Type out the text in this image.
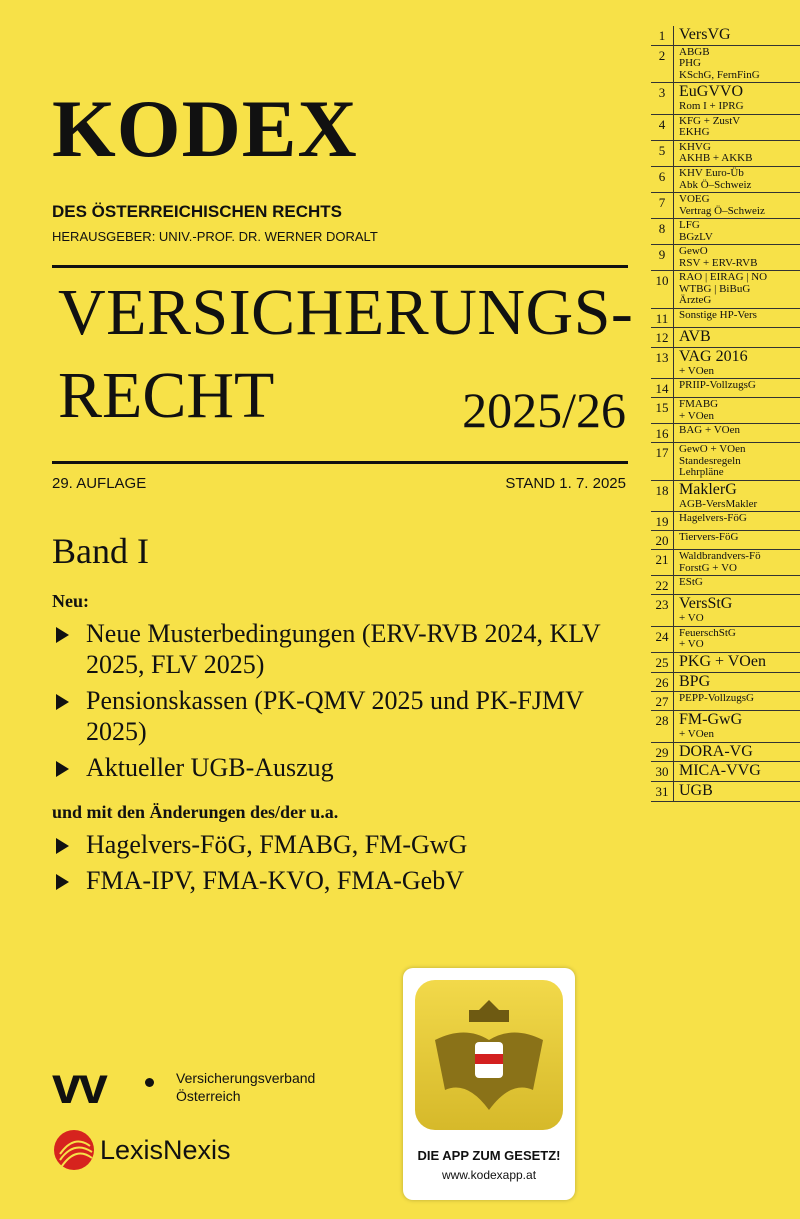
KODEX
DES ÖSTERREICHISCHEN RECHTS
HERAUSGEBER: UNIV.-PROF. DR. WERNER DORALT
VERSICHERUNGS-
RECHT	2025/26
29. AUFLAGE	STAND 1. 7. 2025
Band I
Neu:
Neue Musterbedingungen (ERV-RVB 2024, KLV 2025, FLV 2025)
Pensionskassen (PK-QMV 2025 und PK-FJMV 2025)
Aktueller UGB-Auszug
und mit den Änderungen des/der u.a.
Hagelvers-FöG, FMABG, FM-GwG
FMA-IPV, FMA-KVO, FMA-GebV
1 VersVG
2	ABGB
PHG
KSchG, FernFinG
3 EuGVVO
Rom I + IPRG
4	KFG + ZustV
EKHG
5	KHVG
AKHB + AKKB
6	KHV Euro-Üb
Abk Ö–Schweiz
7	VOEG
Vertrag Ö–Schweiz
8	LFG
BGzLV
9	GewO
RSV + ERV-RVB
10 RAO | EIRAG | NO
WTBG | BiBuG
ÄrzteG
11 Sonstige HP-Vers
12 AVB
13 VAG 2016
+ VOen
14 PRIIP-VollzugsG
15 FMABG
+ VOen
16 BAG + VOen
17 GewO + VOen
Standesregeln
Lehrpläne
18 MaklerG
AGB-VersMakler
19 Hagelvers-FöG
20 Tiervers-FöG
21 Waldbrandvers-Fö
ForstG + VO
22 EStG
23 VersStG
+ VO
24 FeuerschStG
+ VO
25 PKG + VOen
26 BPG
27 PEPP-VollzugsG
28 FM-GwG
+ VOen
29 DORA-VG
30 MICA-VVG
31 UGB
vv	Versicherungsverband
Österreich
LexisNexis	DIE APP ZUM GESETZ!
www.kodexapp.at
